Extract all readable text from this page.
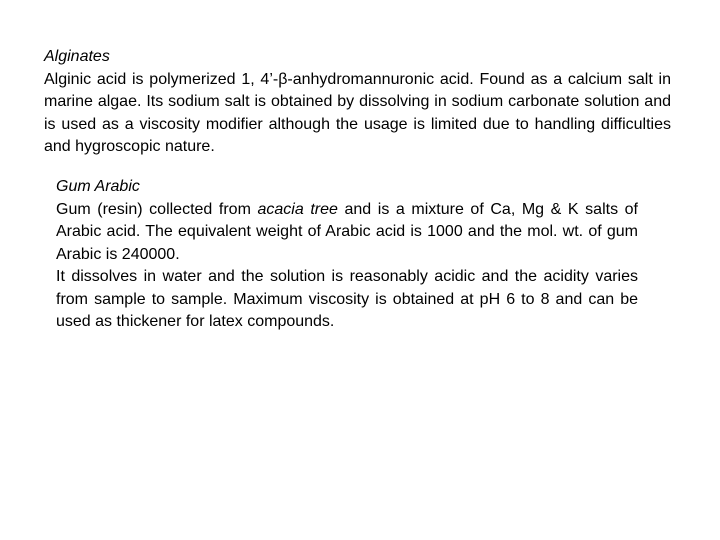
Alginates
Alginic acid is polymerized 1, 4’-β-anhydromannuronic acid. Found as a calcium salt in marine algae. Its sodium salt is obtained by dissolving in sodium carbonate solution and is used as a viscosity modifier although the usage is limited due to handling difficulties and hygroscopic nature.
Gum Arabic
Gum (resin) collected from acacia tree and is a mixture of Ca, Mg & K salts of Arabic acid. The equivalent weight of Arabic acid is 1000 and the mol. wt. of gum Arabic is 240000.
It dissolves in water and the solution is reasonably acidic and the acidity varies from sample to sample. Maximum viscosity is obtained at pH 6 to 8 and can be used as thickener for latex compounds.
